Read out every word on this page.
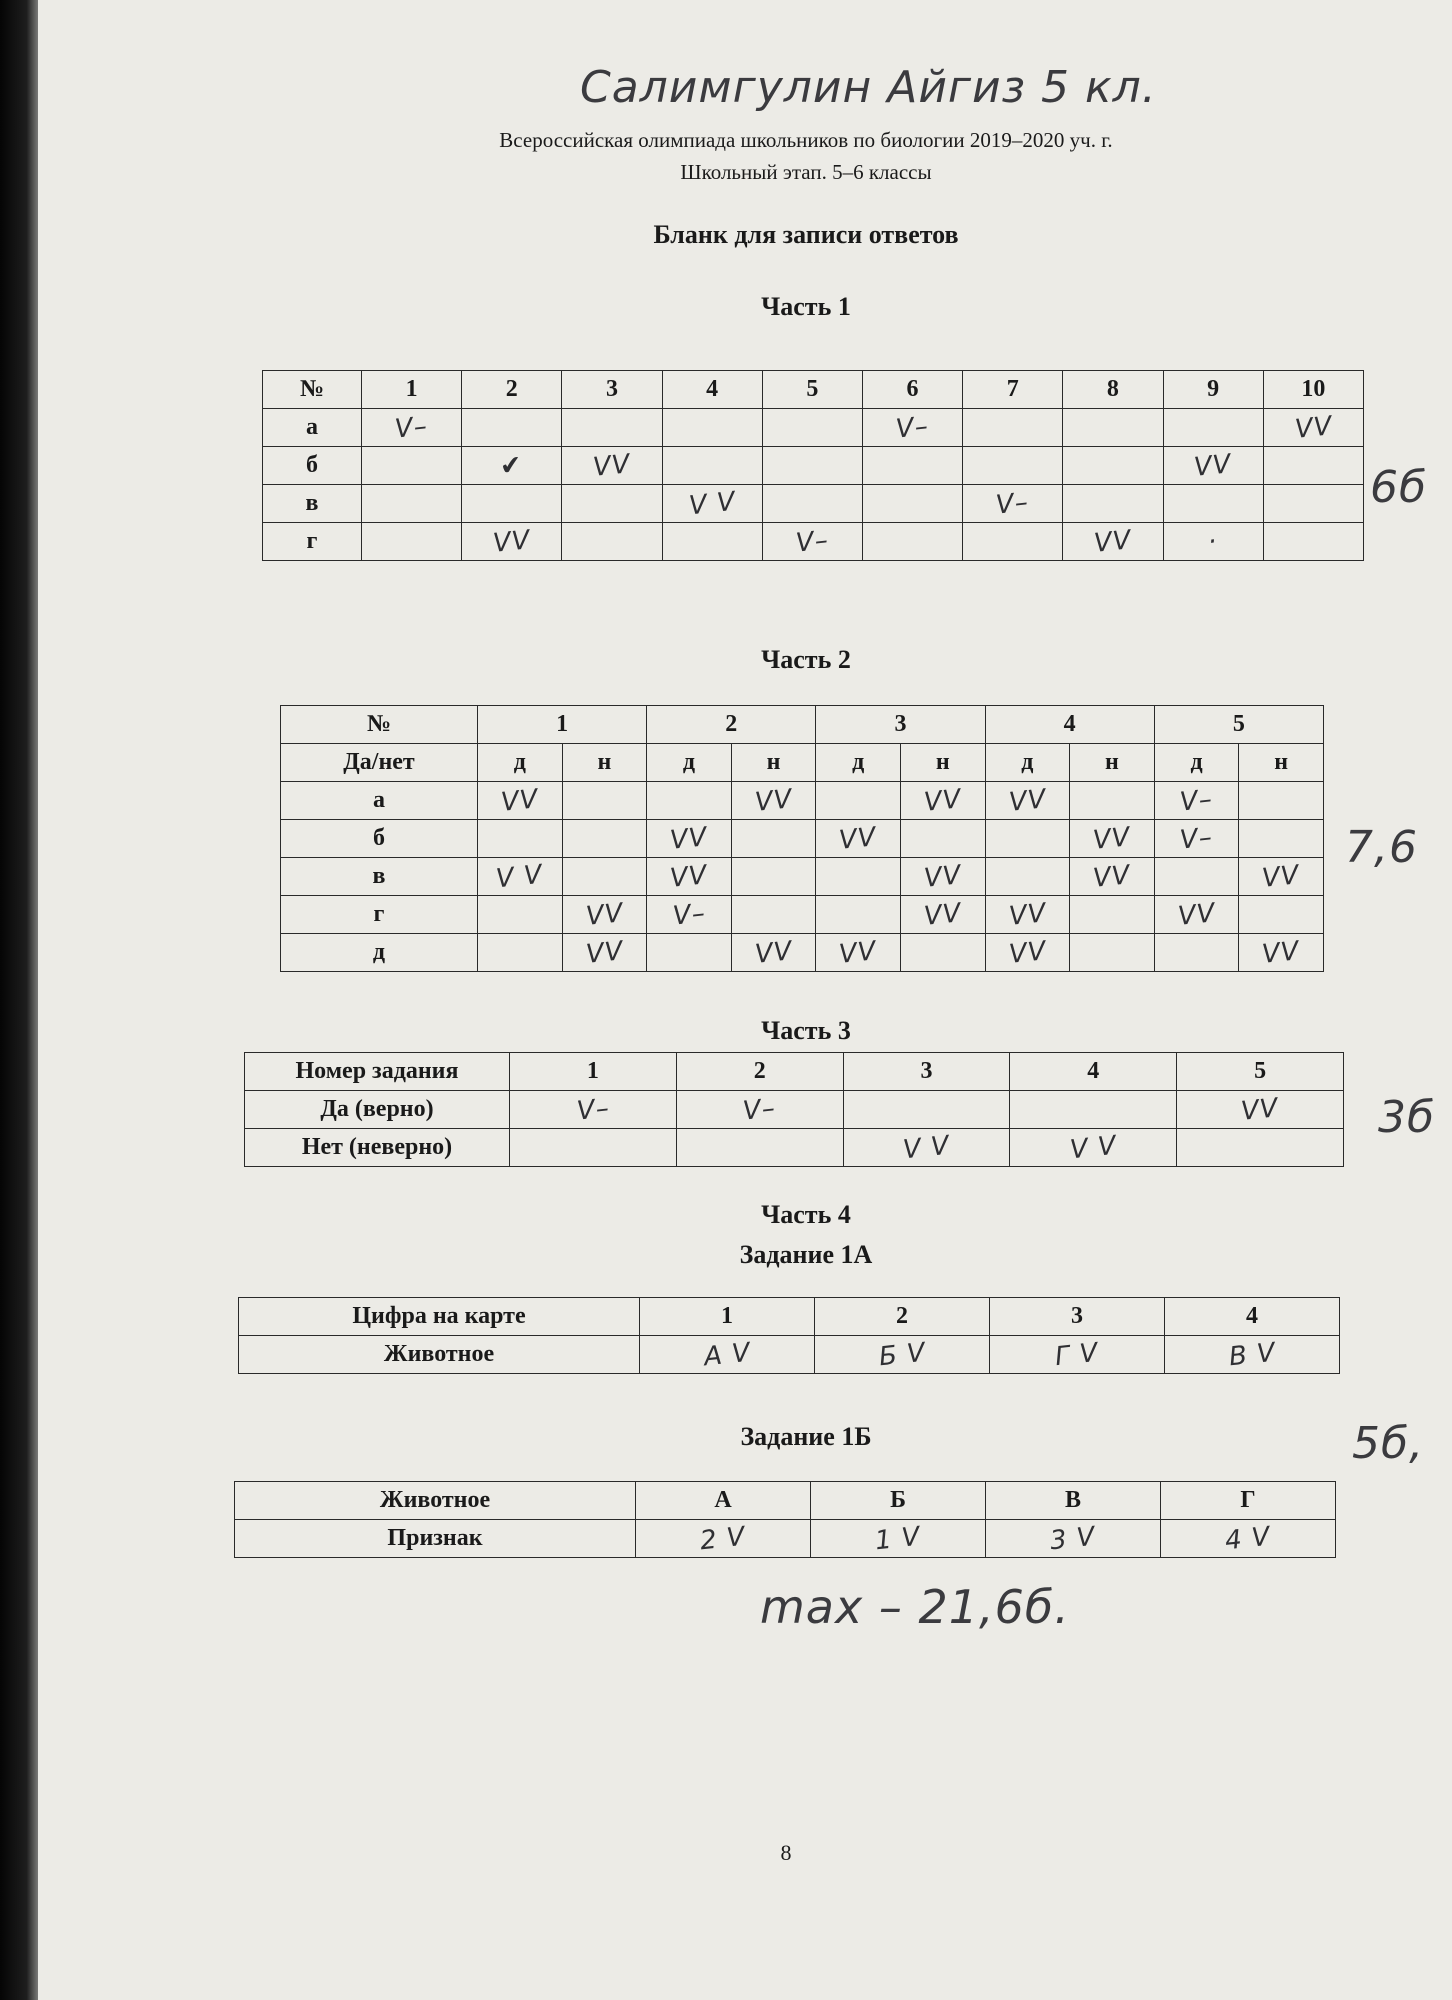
Салимгулин Айгиз 5 кл.
Всероссийская олимпиада школьников по биологии 2019–2020 уч. г.
Школьный этап. 5–6 классы
Бланк для записи ответов
Часть 1
№	1	2	3	4	5	6	7	8	9	10
а	V–					V–				VV
б		✔	VV						VV	
в				V V			V–			
г		VV			V–			VV	·	
6б
Часть 2
№	1		2		3		4		5	
Да/нет	д	н	д	н	д	н	д	н	д	н
а	VV			VV		VV	VV		V–	
б			VV		VV			VV	V–	
в	V V		VV			VV		VV		VV
г		VV	V–			VV	VV		VV	
д		VV		VV	VV		VV			VV
7,6
Часть 3
Номер задания	1	2	3	4	5
Да (верно)	V–	V–			VV
Нет (неверно)			V V	V V	
3б
Часть 4
Задание 1А
Цифра на карте	1	2	3	4
Животное	А V	Б V	Г V	В V
Задание 1Б	5б,
Животное	А	Б	В	Г
Признак	2 V	1 V	3 V	4 V
max – 21,6б.
8
